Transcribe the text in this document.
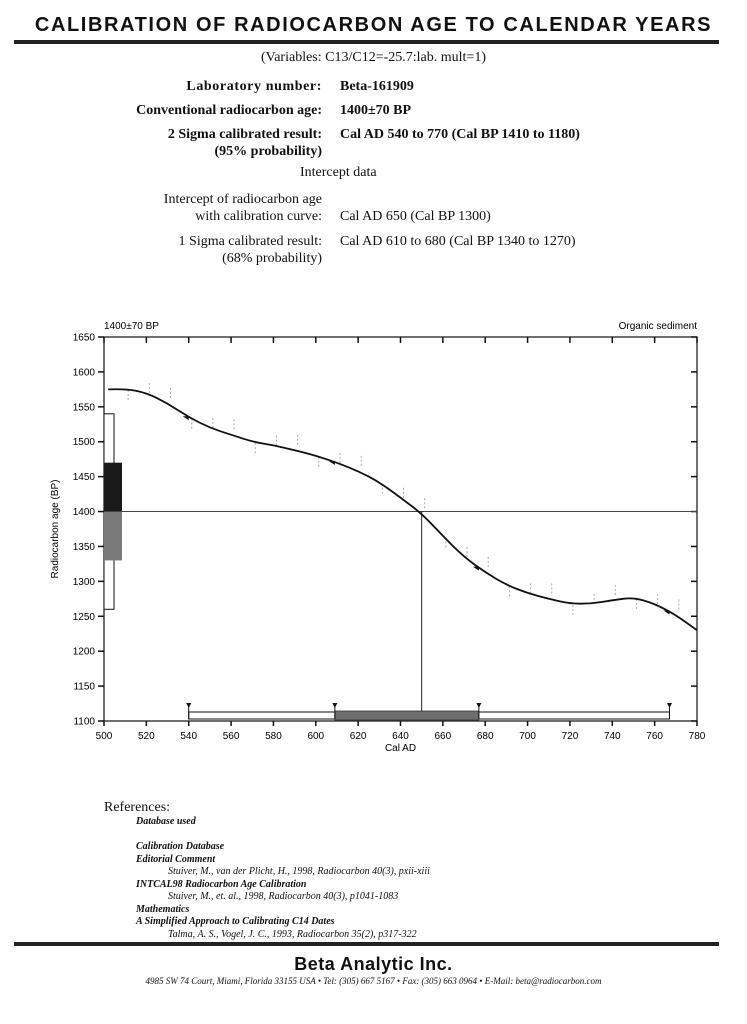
CALIBRATION OF RADIOCARBON AGE TO CALENDAR YEARS
(Variables: C13/C12=-25.7:lab. mult=1)
Laboratory number: Beta-161909
Conventional radiocarbon age: 1400±70 BP
2 Sigma calibrated result:
(95% probability)
Cal AD 540 to 770 (Cal BP 1410 to 1180)
Intercept data
Intercept of radiocarbon age
with calibration curve: Cal AD 650 (Cal BP 1300)
1 Sigma calibrated result:
(68% probability)
Cal AD 610 to 680 (Cal BP 1340 to 1270)
1400±70 BP	Organic sediment
1100
1150
1200
1250
1300
1350
1400
1450
1500
1550
1600
1650
500	520	540	560	580	600	620	640	660	680	700	720	740	760	780
Cal AD
Radiocarbon age (BP)
References:
Database used
Calibration Database
Editorial Comment
Stuiver, M., van der Plicht, H., 1998, Radiocarbon 40(3), pxii-xiii
INTCAL98 Radiocarbon Age Calibration
Stuiver, M., et. al., 1998, Radiocarbon 40(3), p1041-1083
Mathematics
A Simplified Approach to Calibrating C14 Dates
Talma, A. S., Vogel, J. C., 1993, Radiocarbon 35(2), p317-322
Beta Analytic Inc.
4985 SW 74 Court, Miami, Florida 33155 USA • Tel: (305) 667 5167 • Fax: (305) 663 0964 • E-Mail: beta@radiocarbon.com
